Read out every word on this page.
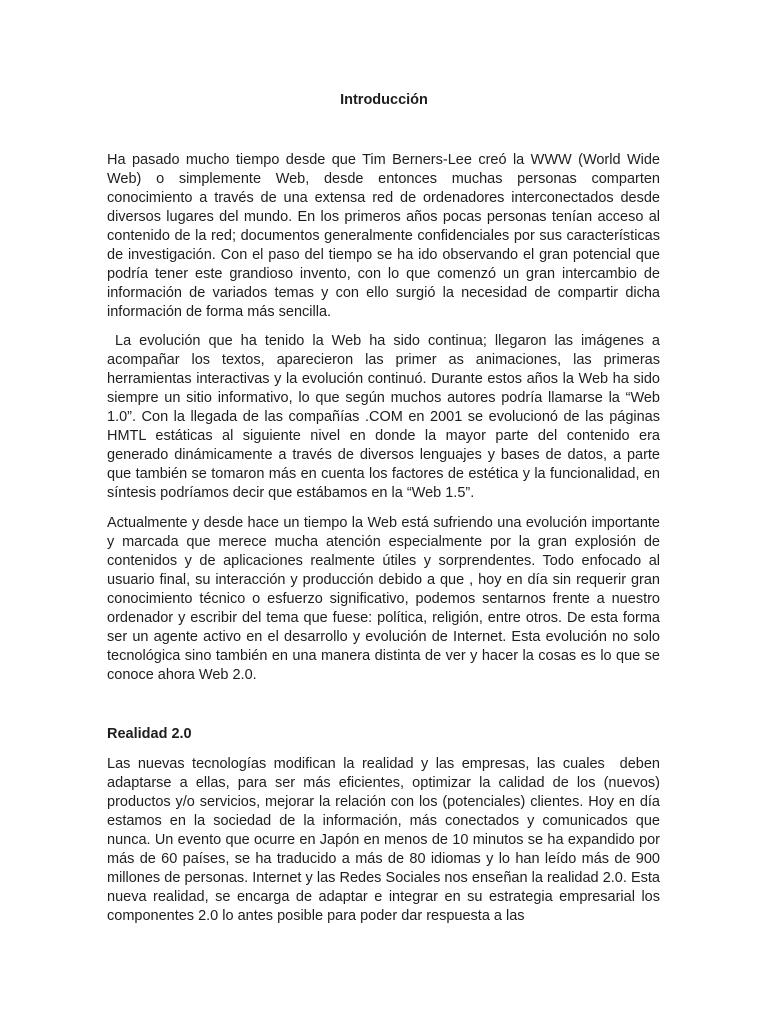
Introducción

Ha pasado mucho tiempo desde que Tim Berners-Lee creó la WWW (World Wide Web) o simplemente Web, desde entonces muchas personas comparten conocimiento a través de una extensa red de ordenadores interconectados desde diversos lugares del mundo. En los primeros años pocas personas tenían acceso al contenido de la red; documentos generalmente confidenciales por sus características de investigación. Con el paso del tiempo se ha ido observando el gran potencial que podría tener este grandioso invento, con lo que comenzó un gran intercambio de información de variados temas y con ello surgió la necesidad de compartir dicha información de forma más sencilla.

La evolución que ha tenido la Web ha sido continua; llegaron las imágenes a acompañar los textos, aparecieron las primer as animaciones, las primeras herramientas interactivas y la evolución continuó. Durante estos años la Web ha sido siempre un sitio informativo, lo que según muchos autores podría llamarse la “Web 1.0”. Con la llegada de las compañías .COM en 2001 se evolucionó de las páginas HMTL estáticas al siguiente nivel en donde la mayor parte del contenido era generado dinámicamente a través de diversos lenguajes y bases de datos, a parte que también se tomaron más en cuenta los factores de estética y la funcionalidad, en síntesis podríamos decir que estábamos en la “Web 1.5”.

Actualmente y desde hace un tiempo la Web está sufriendo una evolución importante y marcada que merece mucha atención especialmente por la gran explosión de contenidos y de aplicaciones realmente útiles y sorprendentes. Todo enfocado al usuario final, su interacción y producción debido a que , hoy en día sin requerir gran conocimiento técnico o esfuerzo significativo, podemos sentarnos frente a nuestro ordenador y escribir del tema que fuese: política, religión, entre otros. De esta forma ser un agente activo en el desarrollo y evolución de Internet. Esta evolución no solo tecnológica sino también en una manera distinta de ver y hacer la cosas es lo que se conoce ahora Web 2.0.

Realidad 2.0

Las nuevas tecnologías modifican la realidad y las empresas, las cuales  deben adaptarse a ellas, para ser más eficientes, optimizar la calidad de los (nuevos) productos y/o servicios, mejorar la relación con los (potenciales) clientes. Hoy en día estamos en la sociedad de la información, más conectados y comunicados que nunca. Un evento que ocurre en Japón en menos de 10 minutos se ha expandido por más de 60 países, se ha traducido a más de 80 idiomas y lo han leído más de 900 millones de personas. Internet y las Redes Sociales nos enseñan la realidad 2.0. Esta nueva realidad, se encarga de adaptar e integrar en su estrategia empresarial los componentes 2.0 lo antes posible para poder dar respuesta a las
